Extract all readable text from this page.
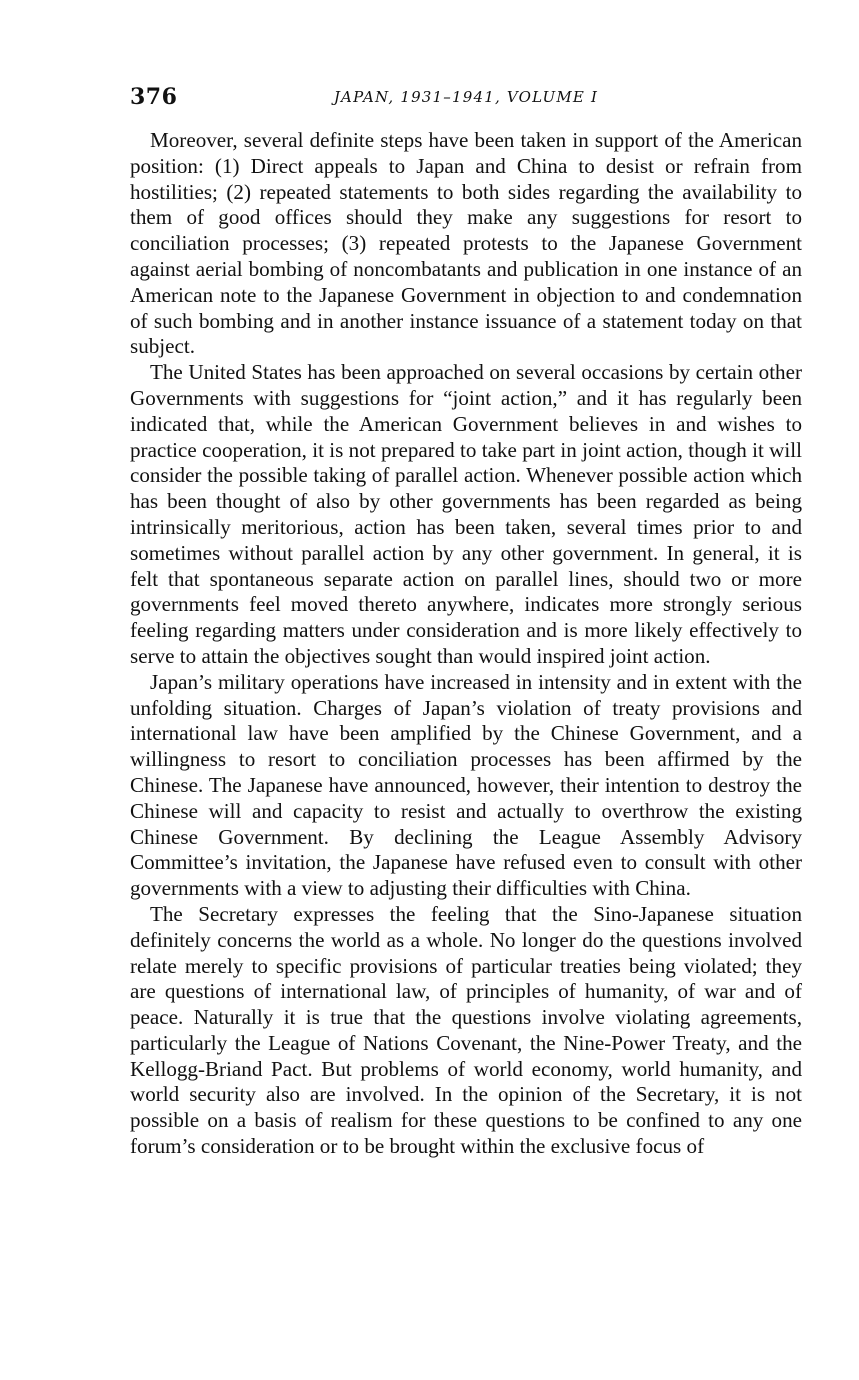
376	JAPAN, 1931–1941, VOLUME I

Moreover, several definite steps have been taken in support of the American position: (1) Direct appeals to Japan and China to desist or refrain from hostilities; (2) repeated statements to both sides regarding the availability to them of good offices should they make any suggestions for resort to conciliation processes; (3) repeated protests to the Japanese Government against aerial bombing of noncombatants and publication in one instance of an American note to the Japanese Government in objection to and condemnation of such bombing and in another instance issuance of a statement today on that subject.

The United States has been approached on several occasions by certain other Governments with suggestions for “joint action,” and it has regularly been indicated that, while the American Government believes in and wishes to practice cooperation, it is not prepared to take part in joint action, though it will consider the possible taking of parallel action. Whenever possible action which has been thought of also by other governments has been regarded as being intrinsically meritorious, action has been taken, several times prior to and sometimes without parallel action by any other government. In general, it is felt that spontaneous separate action on parallel lines, should two or more governments feel moved thereto anywhere, indicates more strongly serious feeling regarding matters under consideration and is more likely effectively to serve to attain the objectives sought than would inspired joint action.

Japan’s military operations have increased in intensity and in extent with the unfolding situation. Charges of Japan’s violation of treaty provisions and international law have been amplified by the Chinese Government, and a willingness to resort to conciliation processes has been affirmed by the Chinese. The Japanese have announced, however, their intention to destroy the Chinese will and capacity to resist and actually to overthrow the existing Chinese Government. By declining the League Assembly Advisory Committee’s invitation, the Japanese have refused even to consult with other governments with a view to adjusting their difficulties with China.

The Secretary expresses the feeling that the Sino-Japanese situation definitely concerns the world as a whole. No longer do the questions involved relate merely to specific provisions of particular treaties being violated; they are questions of international law, of principles of humanity, of war and of peace. Naturally it is true that the questions involve violating agreements, particularly the League of Nations Covenant, the Nine-Power Treaty, and the Kellogg-Briand Pact. But problems of world economy, world humanity, and world security also are involved. In the opinion of the Secretary, it is not possible on a basis of realism for these questions to be confined to any one forum’s consideration or to be brought within the exclusive focus of
